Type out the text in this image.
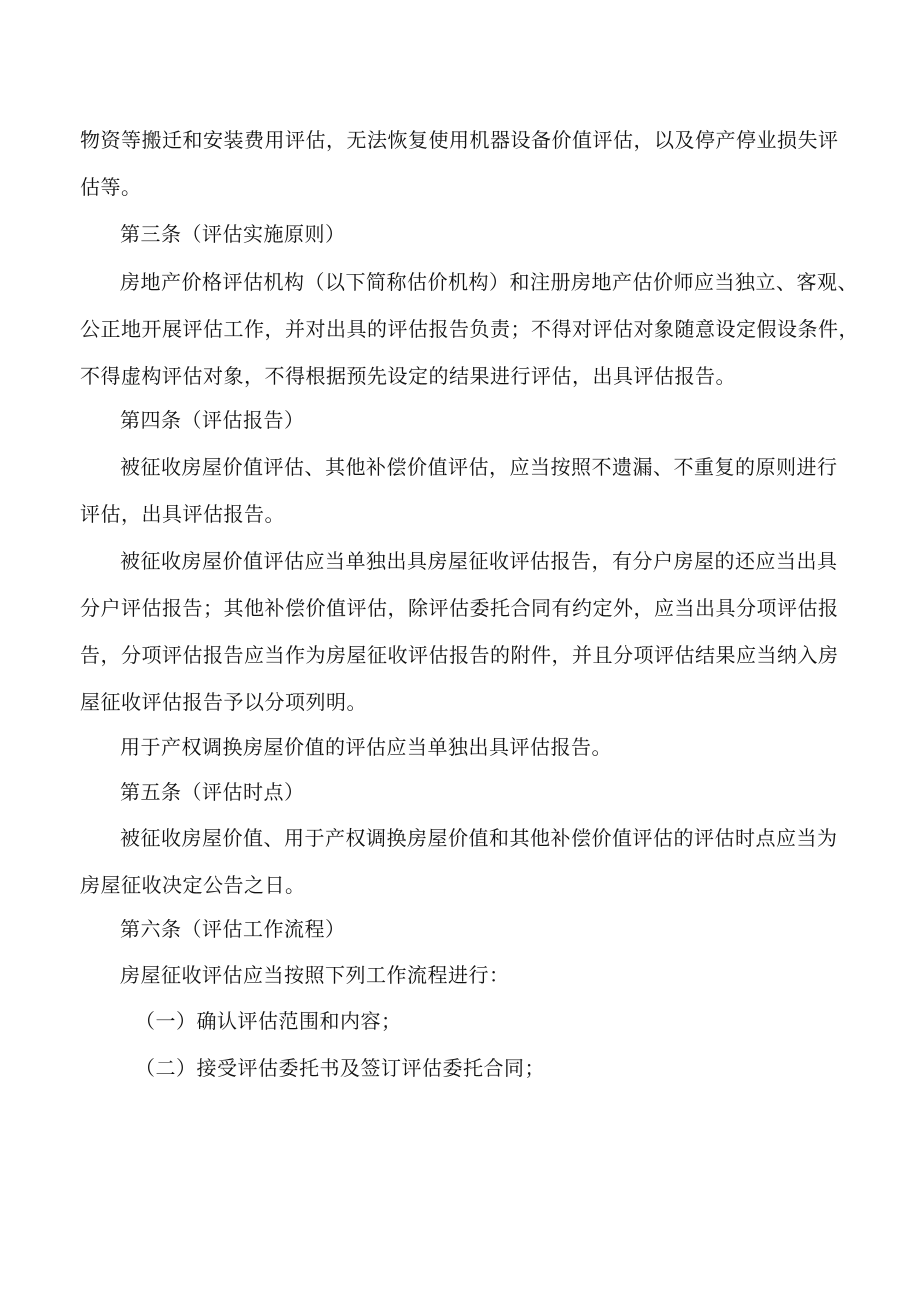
物资等搬迁和安装费用评估，无法恢复使用机器设备价值评估，以及停产停业损失评
估等。
第三条（评估实施原则）
房地产价格评估机构（以下简称估价机构）和注册房地产估价师应当独立、客观、
公正地开展评估工作，并对出具的评估报告负责；不得对评估对象随意设定假设条件，
不得虚构评估对象，不得根据预先设定的结果进行评估，出具评估报告。
第四条（评估报告）
被征收房屋价值评估、其他补偿价值评估，应当按照不遗漏、不重复的原则进行
评估，出具评估报告。
被征收房屋价值评估应当单独出具房屋征收评估报告，有分户房屋的还应当出具
分户评估报告；其他补偿价值评估，除评估委托合同有约定外，应当出具分项评估报
告，分项评估报告应当作为房屋征收评估报告的附件，并且分项评估结果应当纳入房
屋征收评估报告予以分项列明。
用于产权调换房屋价值的评估应当单独出具评估报告。
第五条（评估时点）
被征收房屋价值、用于产权调换房屋价值和其他补偿价值评估的评估时点应当为
房屋征收决定公告之日。
第六条（评估工作流程）
房屋征收评估应当按照下列工作流程进行：
（一）确认评估范围和内容；
（二）接受评估委托书及签订评估委托合同；
